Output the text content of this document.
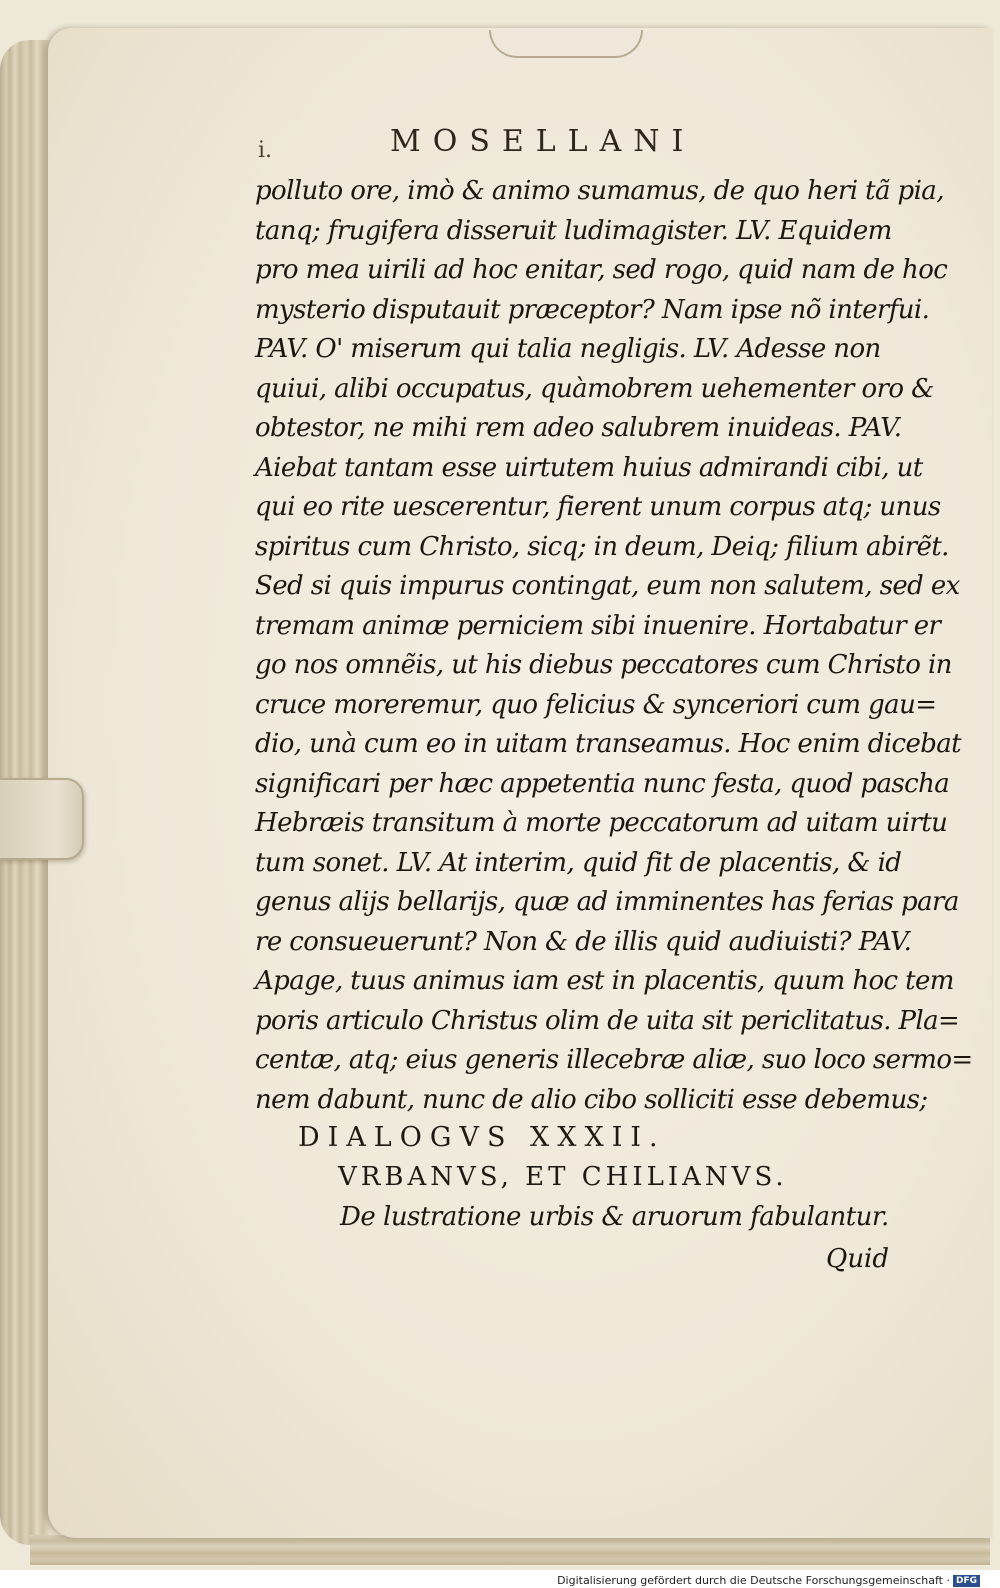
i.	MOSELLANI
polluto ore, imò & animo sumamus, de quo heri tã pia,
tanq; frugifera disseruit ludimagister. LV. Equidem
pro mea uirili ad hoc enitar, sed rogo, quid nam de hoc
mysterio disputauit præceptor? Nam ipse nõ interfui.
PAV. O' miserum qui talia negligis. LV. Adesse non
quiui, alibi occupatus, quàmobrem uehementer oro &
obtestor, ne mihi rem adeo salubrem inuideas. PAV.
Aiebat tantam esse uirtutem huius admirandi cibi, ut
qui eo rite uescerentur, fierent unum corpus atq; unus
spiritus cum Christo, sicq; in deum, Deiq; filium abirẽt.
Sed si quis impurus contingat, eum non salutem, sed ex
tremam animæ perniciem sibi inuenire. Hortabatur er
go nos omnẽis, ut his diebus peccatores cum Christo in
cruce moreremur, quo felicius & synceriori cum gau=
dio, unà cum eo in uitam transeamus. Hoc enim dicebat
significari per hæc appetentia nunc festa, quod pascha
Hebræis transitum à morte peccatorum ad uitam uirtu
tum sonet. LV. At interim, quid fit de placentis, & id
genus alijs bellarijs, quæ ad imminentes has ferias para
re consueuerunt? Non & de illis quid audiuisti? PAV.
Apage, tuus animus iam est in placentis, quum hoc tem
poris articulo Christus olim de uita sit periclitatus. Pla=
centæ, atq; eius generis illecebræ aliæ, suo loco sermo=
nem dabunt, nunc de alio cibo solliciti esse debemus;
DIALOGVS XXXII.
VRBANVS, ET CHILIANVS.
De lustratione urbis & aruorum fabulantur.
Quid
Digitalisierung gefördert durch die Deutsche Forschungsgemeinschaft · DFG
